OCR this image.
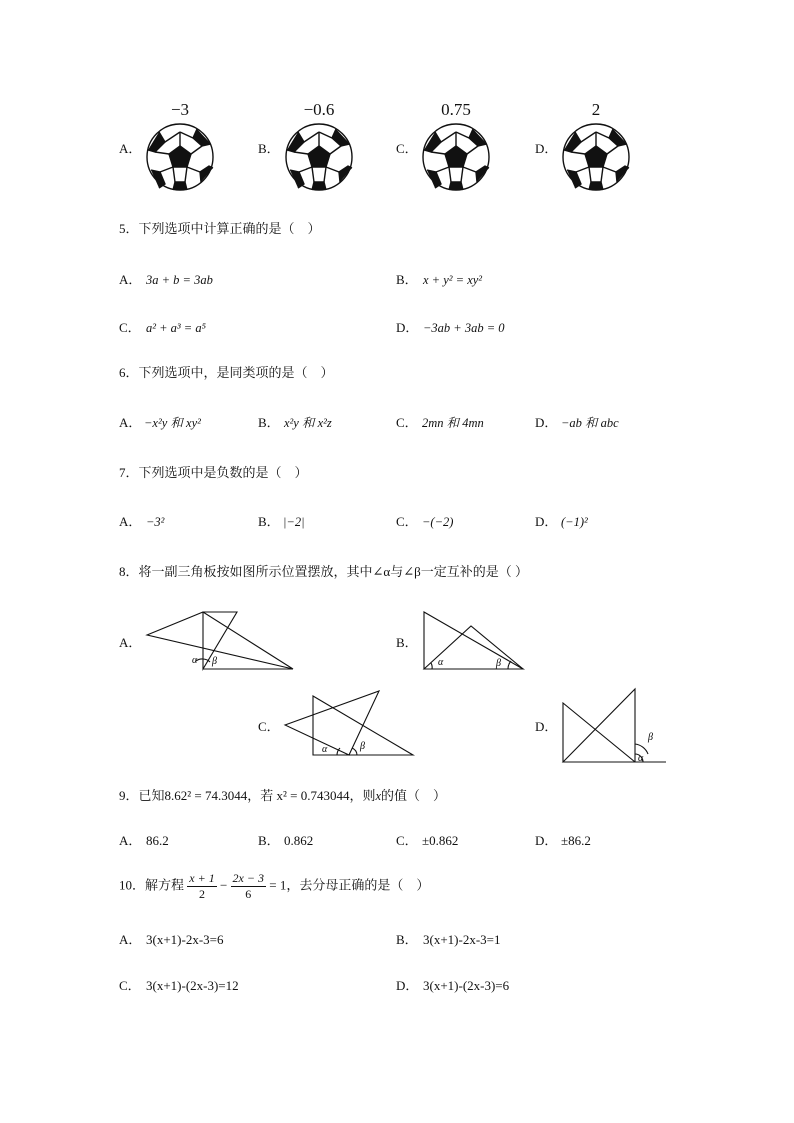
−3	−0.6	0.75	2
A．	B．	C．	D．
5．下列选项中计算正确的是（　）
A． 3a + b = 3ab	B． x + y² = xy²
C． a² + a³ = a⁵	D． −3ab + 3ab = 0
6．下列选项中，是同类项的是（　）
A． −x²y 和 xy²	B． x²y 和 x²z	C． 2mn 和 4mn	D． −ab 和 abc
7．下列选项中是负数的是（　）
A． −3²	B． |−2|	C． −(−2)	D． (−1)²
8．将一副三角板按如图所示位置摆放，其中∠α与∠β一定互补的是（ ）
A．
α β
B．
α	β
C．
α	β
D．
β
α
9．已知8.62² = 74.3044，若 x² = 0.743044，则x的值（　）
A． 86.2	B． 0.862	C． ±0.862	D． ±86.2
10．解方程 $\frac{x + 1}{2} - \frac{2x - 3}{6} = 1$，去分母正确的是（　）
A． 3(x+1)-2x-3=6	B． 3(x+1)-2x-3=1
C． 3(x+1)-(2x-3)=12	D． 3(x+1)-(2x-3)=6
